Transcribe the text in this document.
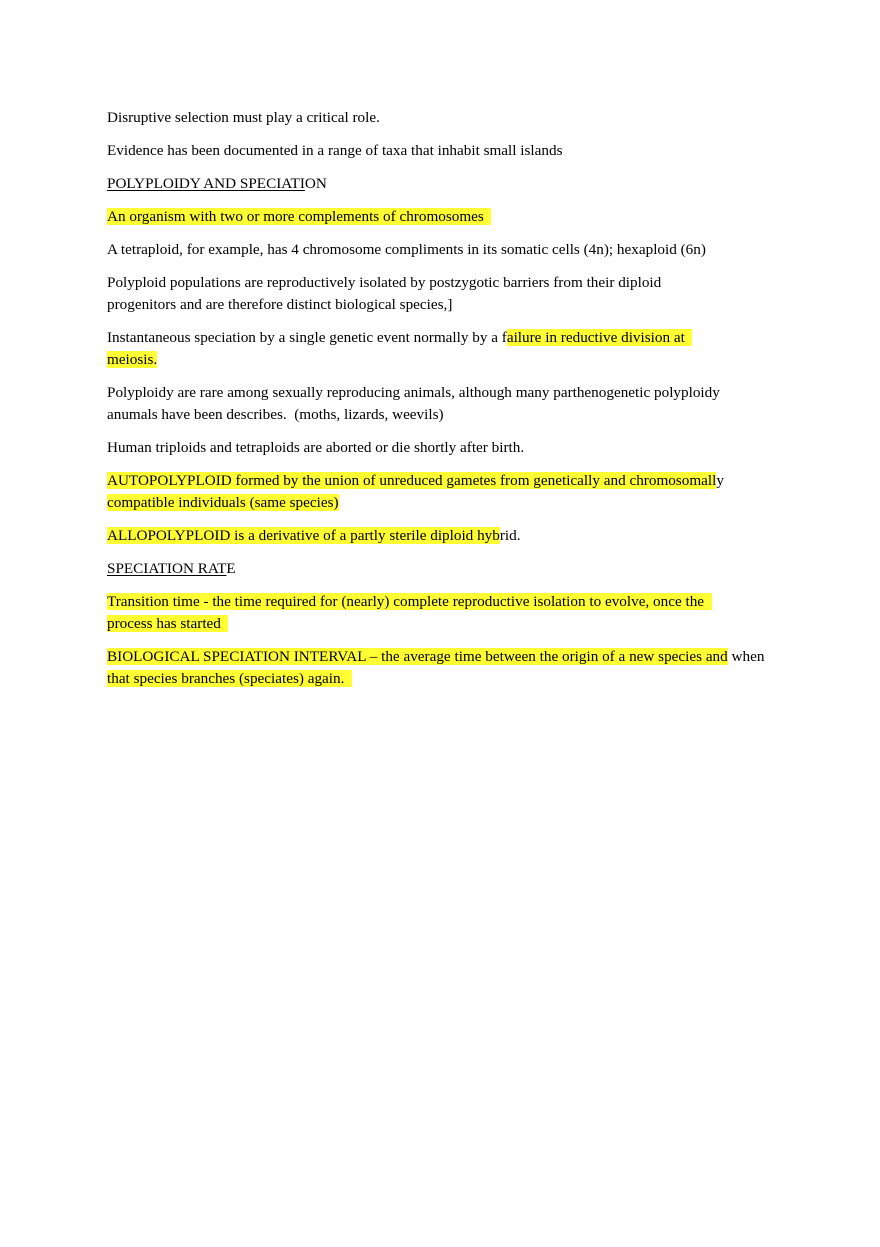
Disruptive selection must play a critical role.
Evidence has been documented in a range of taxa that inhabit small islands
POLYPLOIDY AND SPECIATION
An organism with two or more complements of chromosomes
A tetraploid, for example, has 4 chromosome compliments in its somatic cells (4n); hexaploid (6n)
Polyploid populations are reproductively isolated by postzygotic barriers from their diploid
progenitors and are therefore distinct biological species,]
Instantaneous speciation by a single genetic event normally by a failure in reductive division at
meiosis.
Polyploidy are rare among sexually reproducing animals, although many parthenogenetic polyploidy
anumals have been describes.  (moths, lizards, weevils)
Human triploids and tetraploids are aborted or die shortly after birth.
AUTOPOLYPLOID formed by the union of unreduced gametes from genetically and chromosomally
compatible individuals (same species)
ALLOPOLYPLOID is a derivative of a partly sterile diploid hybrid.
SPECIATION RATE
Transition time - the time required for (nearly) complete reproductive isolation to evolve, once the
process has started
BIOLOGICAL SPECIATION INTERVAL – the average time between the origin of a new species and when
that species branches (speciates) again.
